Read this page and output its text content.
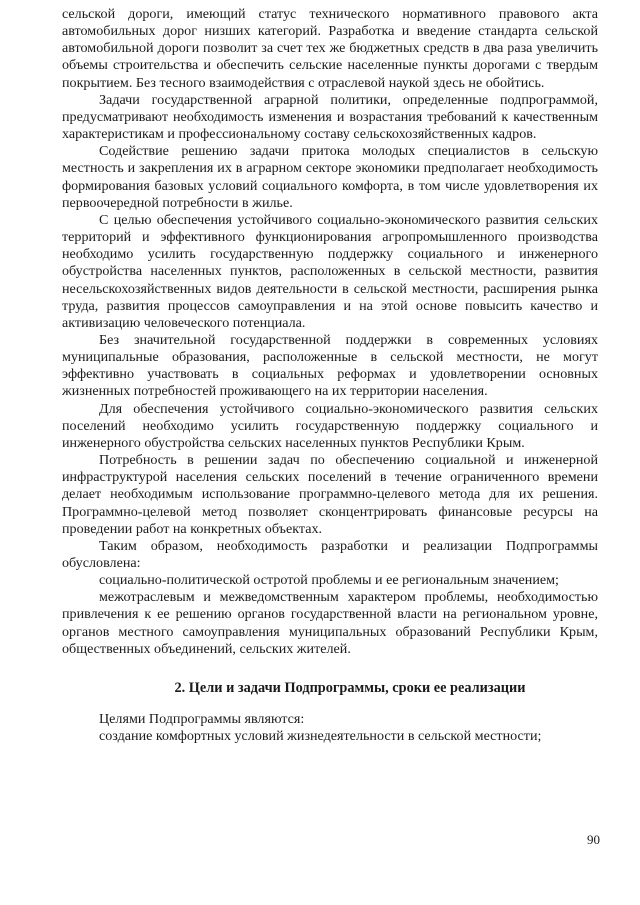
сельской дороги, имеющий статус технического нормативного правового акта автомобильных дорог низших категорий. Разработка и введение стандарта сельской автомобильной дороги позволит за счет тех же бюджетных средств в два раза увеличить объемы строительства и обеспечить сельские населенные пункты дорогами с твердым покрытием. Без тесного взаимодействия с отраслевой наукой здесь не обойтись.

Задачи государственной аграрной политики, определенные подпрограммой, предусматривают необходимость изменения и возрастания требований к качественным характеристикам и профессиональному составу сельскохозяйственных кадров.

Содействие решению задачи притока молодых специалистов в сельскую местность и закрепления их в аграрном секторе экономики предполагает необходимость формирования базовых условий социального комфорта, в том числе удовлетворения их первоочередной потребности в жилье.

С целью обеспечения устойчивого социально-экономического развития сельских территорий и эффективного функционирования агропромышленного производства необходимо усилить государственную поддержку социального и инженерного обустройства населенных пунктов, расположенных в сельской местности, развития несельскохозяйственных видов деятельности в сельской местности, расширения рынка труда, развития процессов самоуправления и на этой основе повысить качество и активизацию человеческого потенциала.

Без значительной государственной поддержки в современных условиях муниципальные образования, расположенные в сельской местности, не могут эффективно участвовать в социальных реформах и удовлетворении основных жизненных потребностей проживающего на их территории населения.

Для обеспечения устойчивого социально-экономического развития сельских поселений необходимо усилить государственную поддержку социального и инженерного обустройства сельских населенных пунктов Республики Крым.

Потребность в решении задач по обеспечению социальной и инженерной инфраструктурой населения сельских поселений в течение ограниченного времени делает необходимым использование программно-целевого метода для их решения. Программно-целевой метод позволяет сконцентрировать финансовые ресурсы на проведении работ на конкретных объектах.

Таким образом, необходимость разработки и реализации Подпрограммы обусловлена:

социально-политической остротой проблемы и ее региональным значением;

межотраслевым и межведомственным характером проблемы, необходимостью привлечения к ее решению органов государственной власти на региональном уровне, органов местного самоуправления муниципальных образований Республики Крым, общественных объединений, сельских жителей.

2. Цели и задачи Подпрограммы, сроки ее реализации

Целями Подпрограммы являются:

создание комфортных условий жизнедеятельности в сельской местности;

90
